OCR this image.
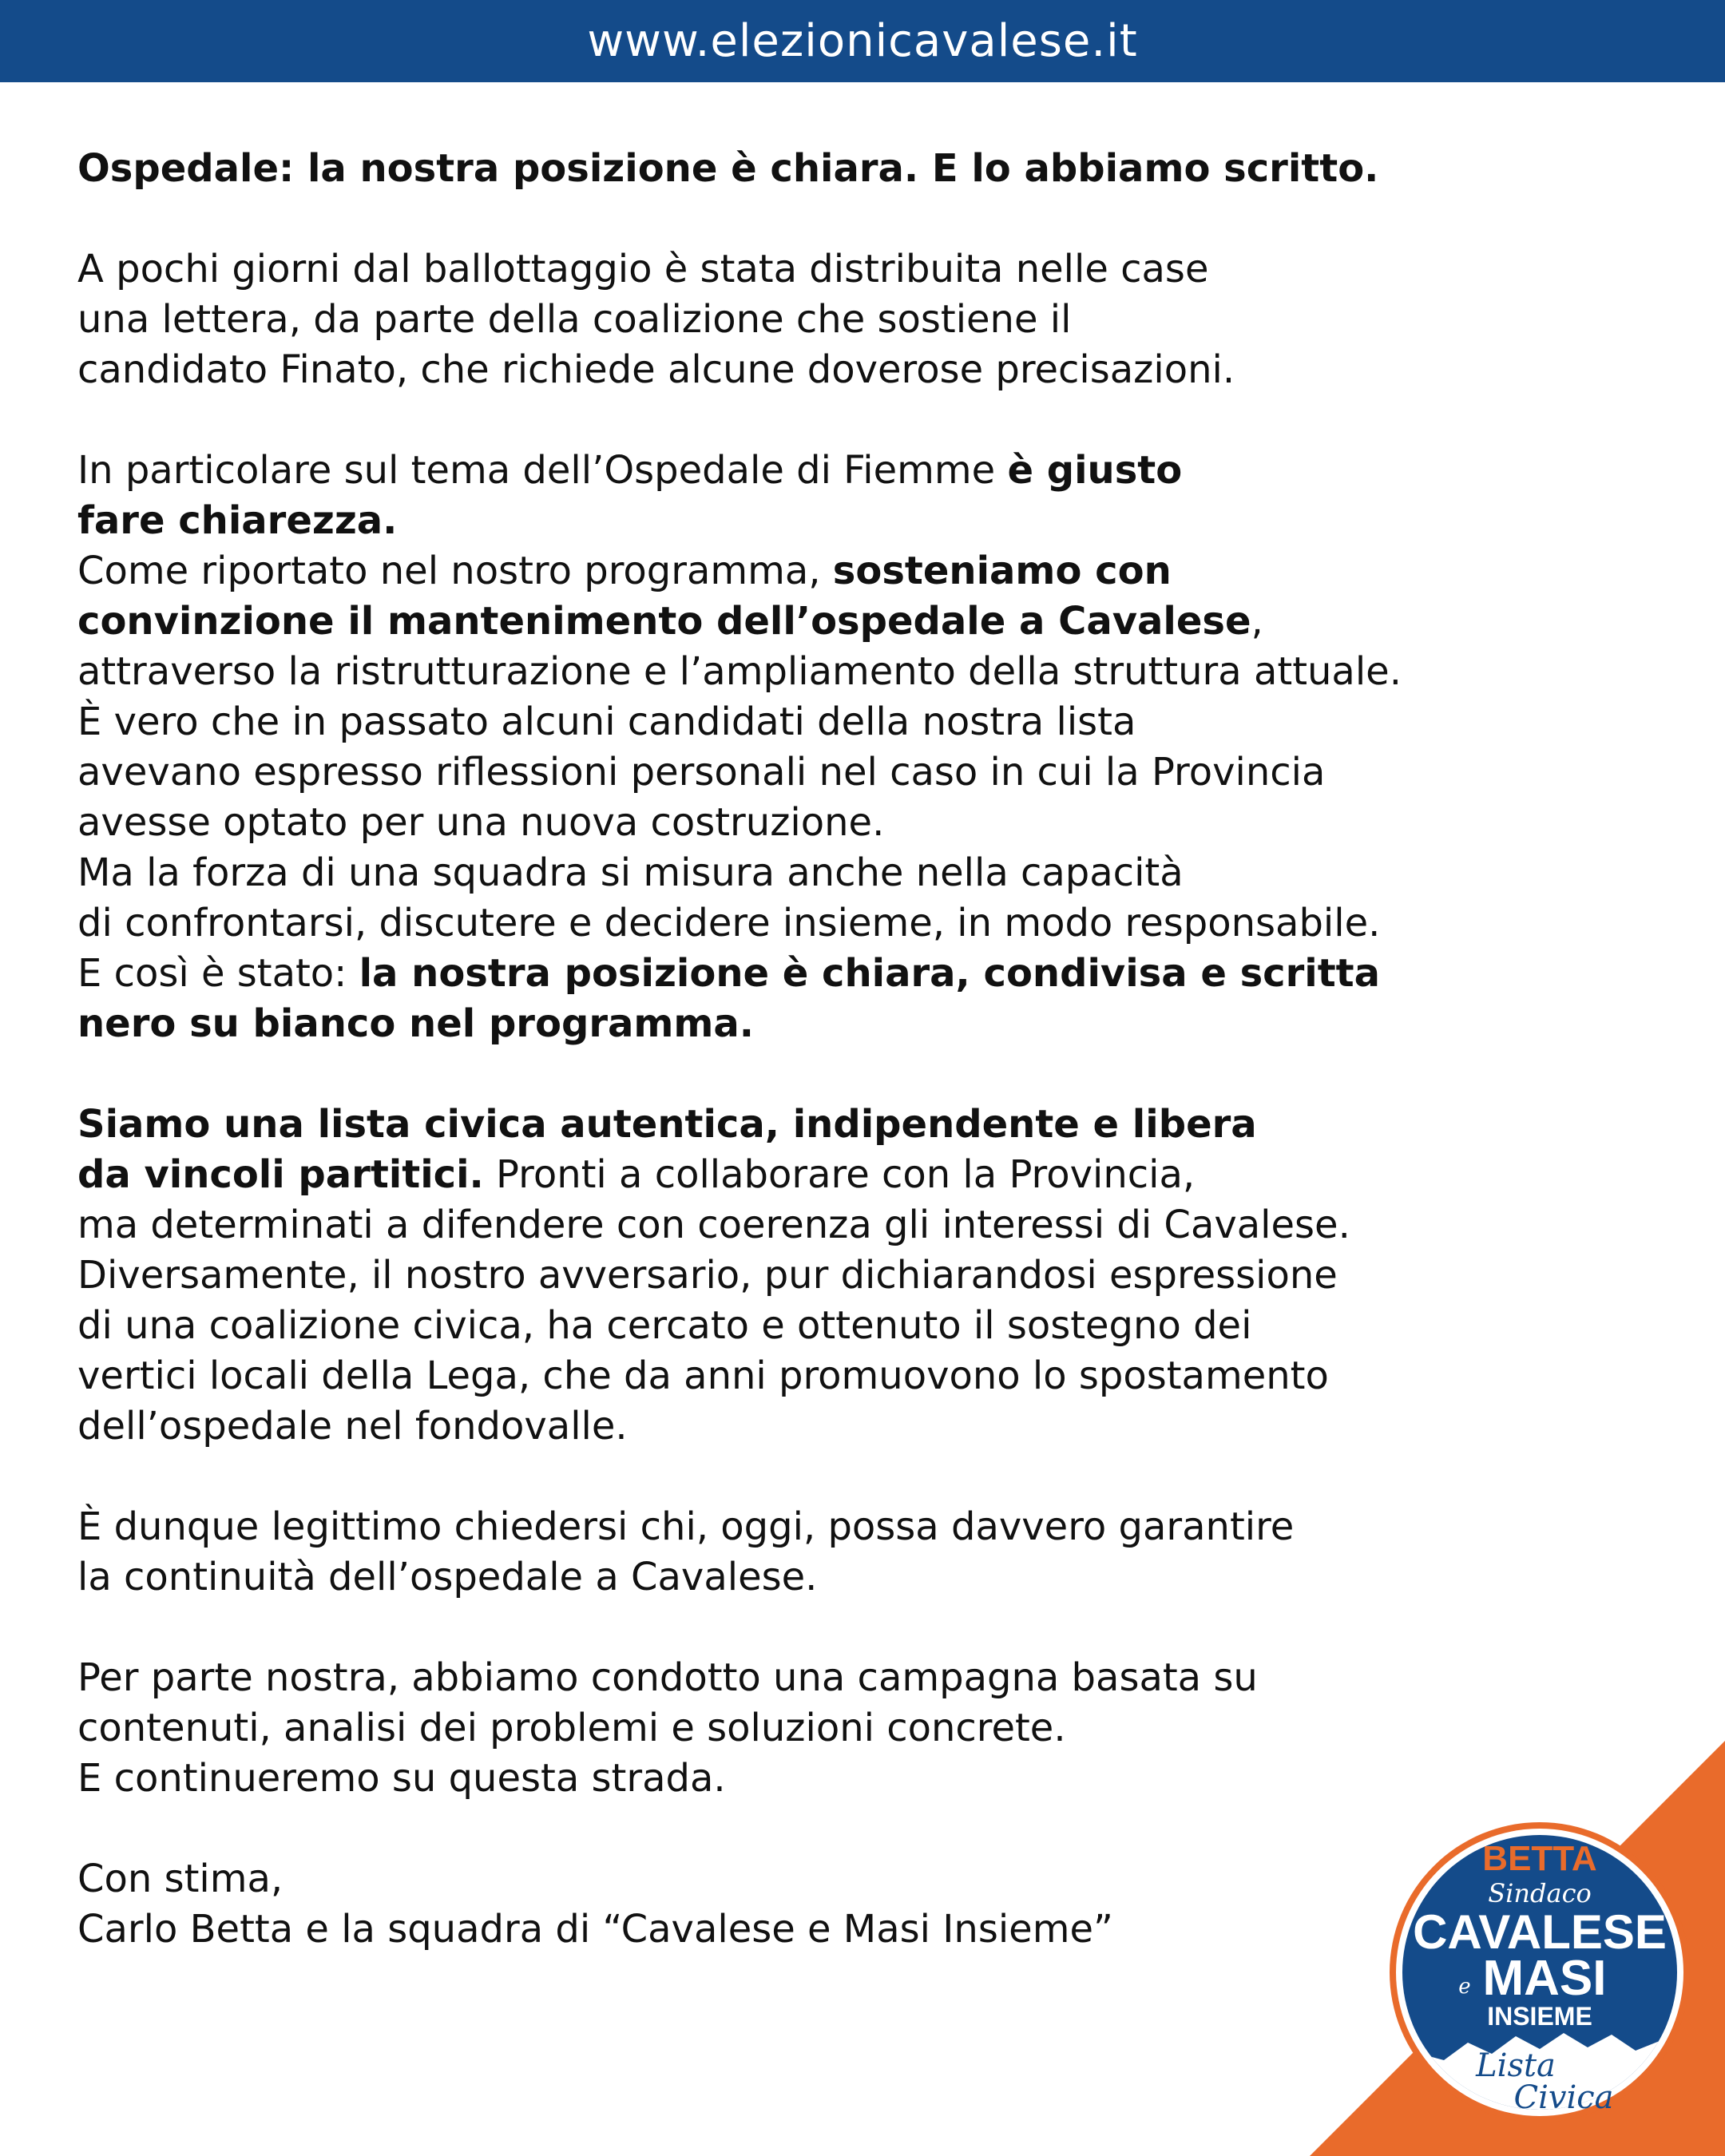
www.elezionicavalese.it

Ospedale: la nostra posizione è chiara. E lo abbiamo scritto.

A pochi giorni dal ballottaggio è stata distribuita nelle case

una lettera, da parte della coalizione che sostiene il

candidato Finato, che richiede alcune doverose precisazioni.

In particolare sul tema dell’Ospedale di Fiemme è giusto

fare chiarezza.

Come riportato nel nostro programma, sosteniamo con

convinzione il mantenimento dell’ospedale a Cavalese,

attraverso la ristrutturazione e l’ampliamento della struttura attuale.

È vero che in passato alcuni candidati della nostra lista

avevano espresso riflessioni personali nel caso in cui la Provincia

avesse optato per una nuova costruzione.

Ma la forza di una squadra si misura anche nella capacità

di confrontarsi, discutere e decidere insieme, in modo responsabile.

E così è stato: la nostra posizione è chiara, condivisa e scritta

nero su bianco nel programma.

Siamo una lista civica autentica, indipendente e libera

da vincoli partitici. Pronti a collaborare con la Provincia,

ma determinati a difendere con coerenza gli interessi di Cavalese.

Diversamente, il nostro avversario, pur dichiarandosi espressione

di una coalizione civica, ha cercato e ottenuto il sostegno dei

vertici locali della Lega, che da anni promuovono lo spostamento

dell’ospedale nel fondovalle.

È dunque legittimo chiedersi chi, oggi, possa davvero garantire

la continuità dell’ospedale a Cavalese.

Per parte nostra, abbiamo condotto una campagna basata su

contenuti, analisi dei problemi e soluzioni concrete.

E continueremo su questa strada.

Con stima,

Carlo Betta e la squadra di “Cavalese e Masi Insieme”

BETTA
Sindaco
CAVALESE
e MASI
INSIEME
Lista
Civica
